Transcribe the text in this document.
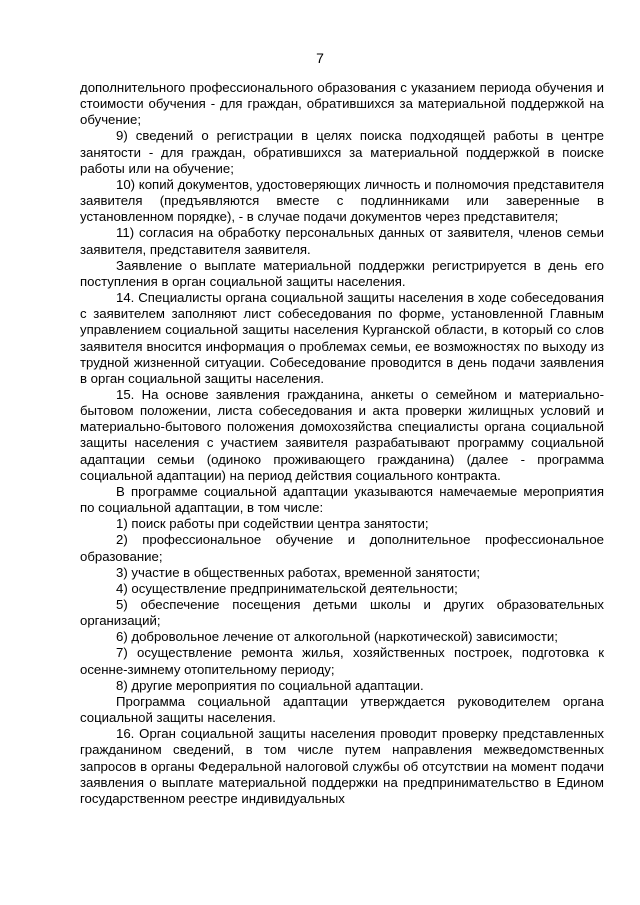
7

дополнительного профессионального образования с указанием периода обучения и стоимости обучения - для граждан, обратившихся за материальной поддержкой на обучение;

9) сведений о регистрации в целях поиска подходящей работы в центре занятости - для граждан, обратившихся за материальной поддержкой в поиске работы или на обучение;

10) копий документов, удостоверяющих личность и полномочия представителя заявителя (предъявляются вместе с подлинниками или заверенные в установленном порядке), - в случае подачи документов через представителя;

11) согласия на обработку персональных данных от заявителя, членов семьи заявителя, представителя заявителя.

Заявление о выплате материальной поддержки регистрируется в день его поступления в орган социальной защиты населения.

14. Специалисты органа социальной защиты населения в ходе собеседования с заявителем заполняют лист собеседования по форме, установленной Главным управлением социальной защиты населения Курганской области, в который со слов заявителя вносится информация о проблемах семьи, ее возможностях по выходу из трудной жизненной ситуации. Собеседование проводится в день подачи заявления в орган социальной защиты населения.

15. На основе заявления гражданина, анкеты о семейном и материально-бытовом положении, листа собеседования и акта проверки жилищных условий и материально-бытового положения домохозяйства специалисты органа социальной защиты населения с участием заявителя разрабатывают программу социальной адаптации семьи (одиноко проживающего гражданина) (далее - программа социальной адаптации) на период действия социального контракта.

В программе социальной адаптации указываются намечаемые мероприятия по социальной адаптации, в том числе:

1) поиск работы при содействии центра занятости;

2) профессиональное обучение и дополнительное профессиональное образование;

3) участие в общественных работах, временной занятости;

4) осуществление предпринимательской деятельности;

5) обеспечение посещения детьми школы и других образовательных организаций;

6) добровольное лечение от алкогольной (наркотической) зависимости;

7) осуществление ремонта жилья, хозяйственных построек, подготовка к осенне-зимнему отопительному периоду;

8) другие мероприятия по социальной адаптации.

Программа социальной адаптации утверждается руководителем органа социальной защиты населения.

16. Орган социальной защиты населения проводит проверку представленных гражданином сведений, в том числе путем направления межведомственных запросов в органы Федеральной налоговой службы об отсутствии на момент подачи заявления о выплате материальной поддержки на предпринимательство в Едином государственном реестре индивидуальных
